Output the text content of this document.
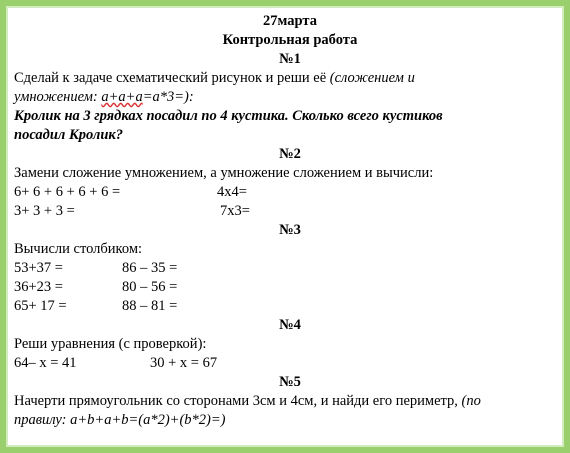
27марта
Контрольная работа
№1
Сделай к задаче схематический рисунок и реши её (сложением и
умножением: а+а+а=а*3=):
Кролик на 3 грядках посадил по 4 кустика. Сколько всего кустиков
посадил Кролик?
№2
Замени сложение умножением, а умножение сложением и вычисли:
6+ 6 + 6 + 6 + 6 =	4х4=
3+ 3 + 3 =	7х3=
№3
Вычисли столбиком:
53+37 =	86 – 35 =
36+23 =	80 – 56 =
65+ 17 =	88 – 81 =
№4
Реши уравнения (с проверкой):
64– х = 41	30 + х = 67
№5
Начерти прямоугольник со сторонами 3см и 4см, и найди его периметр, (по
правилу: а+b+а+b=(а*2)+(b*2)=)
